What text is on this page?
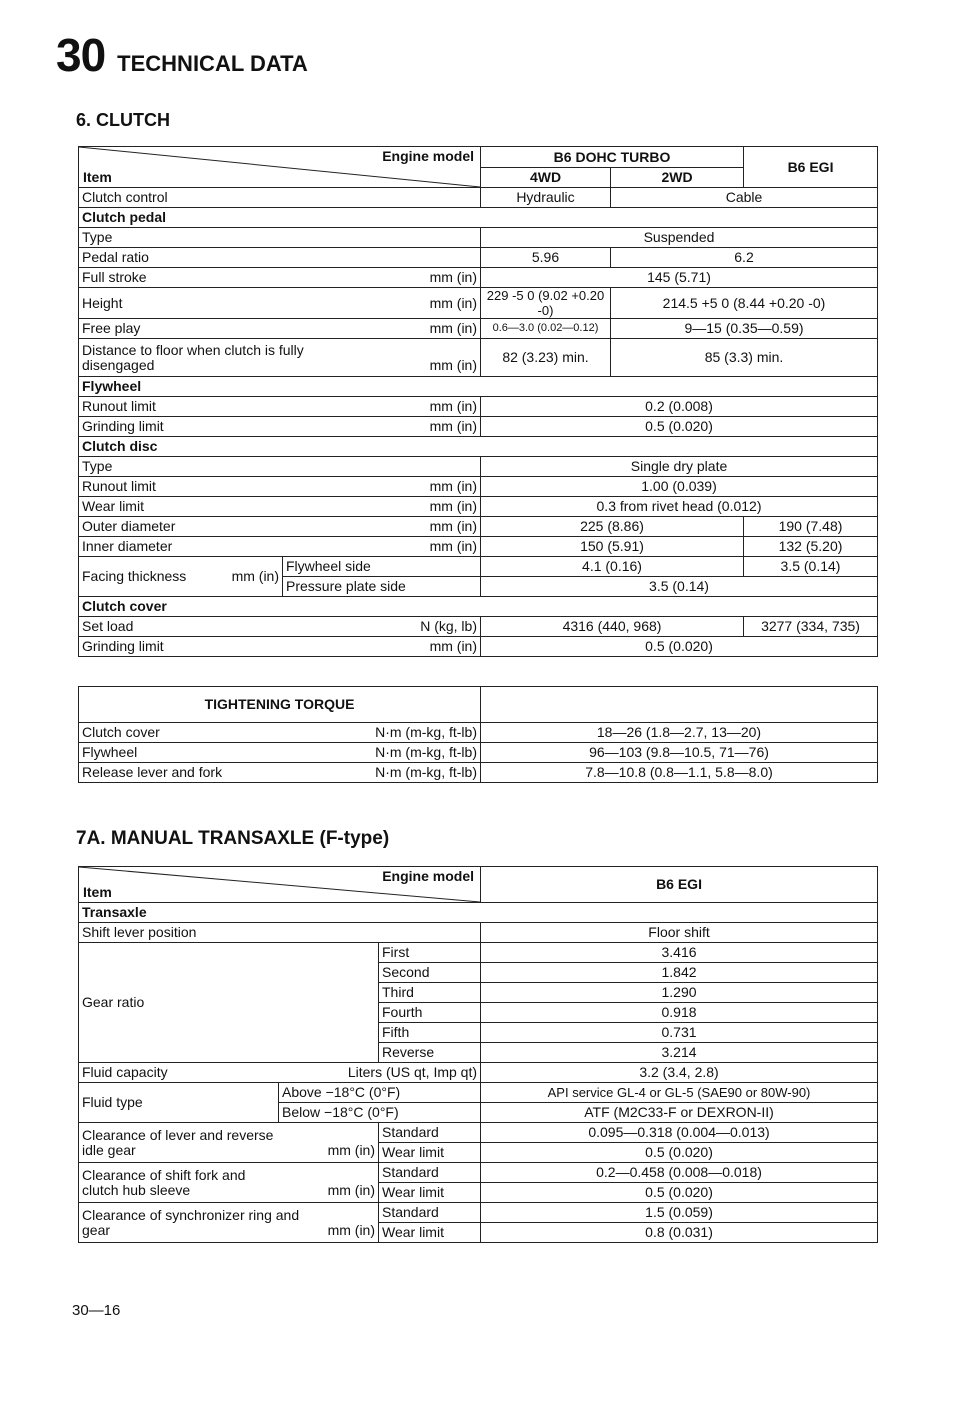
30 TECHNICAL DATA
6. CLUTCH
Engine model
Item		B6 DOHC TURBO		B6 EGI
		4WD	2WD	
Clutch control		Hydraulic	Cable	
Clutch pedal				
Type		Suspended		
Pedal ratio		5.96	6.2	

Full stroke mm (in)		145 (5.71)		

Height mm (in)		229 -5 0 (9.02 +0.20 -0)	214.5 +5 0 (8.44 +0.20 -0)	

Free play mm (in)		0.6—3.0 (0.02—0.12)	9—15 (0.35—0.59)	

Distance to floor when clutch is fully
disengaged mm (in)		82 (3.23) min.	85 (3.3) min.	
Flywheel				

Runout limit mm (in)		0.2 (0.008)		

Grinding limit mm (in)		0.5 (0.020)		
Clutch disc				
Type		Single dry plate		

Runout limit mm (in)		1.00 (0.039)		

Wear limit mm (in)		0.3 from rivet head (0.012)		

Outer diameter mm (in)		225 (8.86)		190 (7.48)

Inner diameter mm (in)		150 (5.91)		132 (5.20)

Facing thickness mm (in)	Flywheel side	4.1 (0.16)		3.5 (0.14)
	Pressure plate side	3.5 (0.14)		
Clutch cover				

Set load N (kg, lb)		4316 (440, 968)		3277 (334, 735)

Grinding limit mm (in)		0.5 (0.020)		
TIGHTENING TORQUE	

Clutch cover N·m (m-kg, ft-lb)	18—26 (1.8—2.7, 13—20)

Flywheel N·m (m-kg, ft-lb)	96—103 (9.8—10.5, 71—76)

Release lever and fork N·m (m-kg, ft-lb)	7.8—10.8 (0.8—1.1, 5.8—8.0)
7A. MANUAL TRANSAXLE (F-type)
Engine model
Item			B6 EGI
Transaxle			
Shift lever position			Floor shift
Gear ratio		First	3.416
		Second	1.842
		Third	1.290
		Fourth	0.918
		Fifth	0.731
		Reverse	3.214

Fluid capacity Liters (US qt, Imp qt)			3.2 (3.4, 2.8)
Fluid type	Above −18°C (0°F)		API service GL-4 or GL-5 (SAE90 or 80W-90)
	Below −18°C (0°F)		ATF (M2C33-F or DEXRON-II)

Clearance of lever and reverse
idle gear mm (in)		Standard	0.095—0.318 (0.004—0.013)
		Wear limit	0.5 (0.020)

Clearance of shift fork and
clutch hub sleeve mm (in)		Standard	0.2—0.458 (0.008—0.018)
		Wear limit	0.5 (0.020)

Clearance of synchronizer ring and
gear mm (in)		Standard	1.5 (0.059)
		Wear limit	0.8 (0.031)
30—16
